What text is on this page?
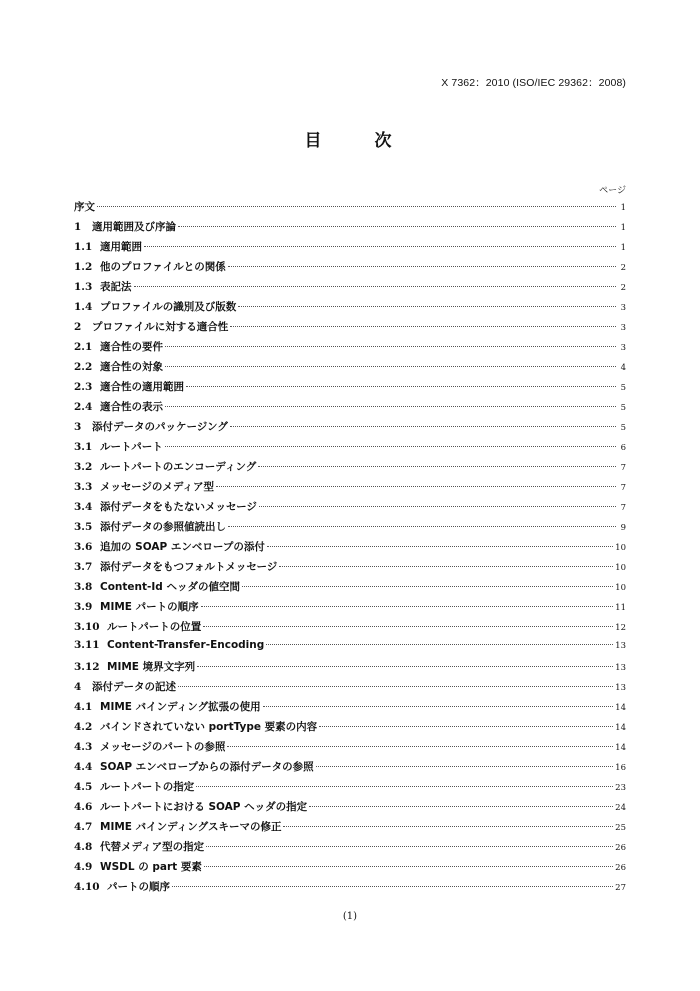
X 7362：2010 (ISO/IEC 29362：2008)
目　次
ページ
序文	1
1	適用範囲及び序論	1
1.1 適用範囲	1
1.2 他のプロファイルとの関係	2
1.3 表記法	2
1.4 プロファイルの識別及び版数	3
2	プロファイルに対する適合性	3
2.1 適合性の要件	3
2.2 適合性の対象	4
2.3 適合性の適用範囲	5
2.4 適合性の表示	5
3	添付データのパッケージング	5
3.1 ルートパート	6
3.2 ルートパートのエンコーディング	7
3.3 メッセージのメディア型	7
3.4 添付データをもたないメッセージ	7
3.5 添付データの参照値読出し	9
3.6 追加の SOAP エンベロープの添付	10
3.7 添付データをもつフォルトメッセージ	10
3.8 Content-Id ヘッダの値空間	10
3.9 MIME パートの順序	11
3.10 ルートパートの位置	12
3.11 Content-Transfer-Encoding	13
3.12 MIME 境界文字列	13
4	添付データの記述	13
4.1 MIME バインディング拡張の使用	14
4.2 バインドされていない portType 要素の内容	14
4.3 メッセージのパートの参照	14
4.4 SOAP エンベロープからの添付データの参照	16
4.5 ルートパートの指定	23
4.6 ルートパートにおける SOAP ヘッダの指定	24
4.7 MIME バインディングスキーマの修正	25
4.8 代替メディア型の指定	26
4.9 WSDL の part 要素	26
4.10 パートの順序	27
(1)
